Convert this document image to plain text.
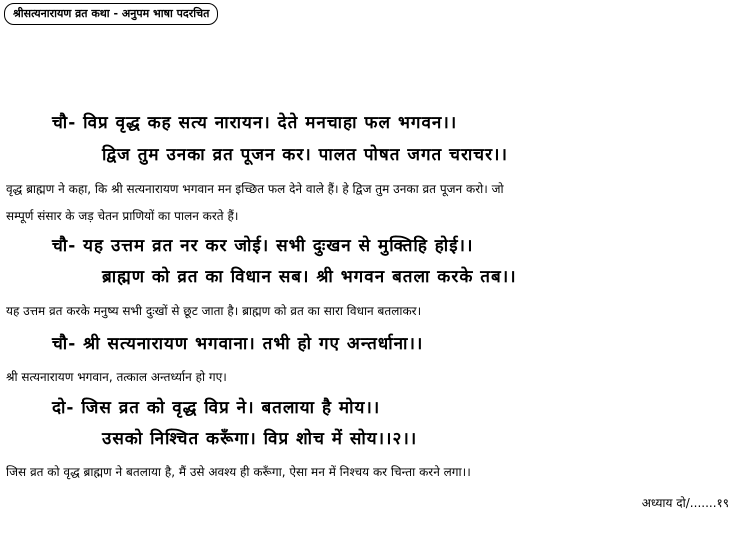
श्रीसत्यनारायण व्रत कथा - अनुपम भाषा पदरचित
चौ- विप्र वृद्ध कह सत्य नारायन। देते मनचाहा फल भगवन।।
द्विज तुम उनका व्रत पूजन कर। पालत पोषत जगत चराचर।।
वृद्ध ब्राह्मण ने कहा, कि श्री सत्यनारायण भगवान मन इच्छित फल देने वाले हैं। हे द्विज तुम उनका व्रत पूजन करो। जो
सम्पूर्ण संसार के जड़ चेतन प्राणियों का पालन करते हैं।
चौ- यह उत्तम व्रत नर कर जोई। सभी दुःखन से मुक्तिहि होई।।
ब्राह्मण को व्रत का विधान सब। श्री भगवन बतला करके तब।।
यह उत्तम व्रत करके मनुष्य सभी दुःखों से छूट जाता है। ब्राह्मण को व्रत का सारा विधान बतलाकर।
चौ- श्री सत्यनारायण भगवाना। तभी हो गए अन्तर्धाना।।
श्री सत्यनारायण भगवान, तत्काल अन्तर्ध्यान हो गए।
दो- जिस व्रत को वृद्ध विप्र ने। बतलाया है मोय।।
उसको निश्चित करूँगा। विप्र शोच में सोय।।२।।
जिस व्रत को वृद्ध ब्राह्मण ने बतलाया है, मैं उसे अवश्य ही करूँगा, ऐसा मन में निश्चय कर चिन्ता करने लगा।।
अध्याय दो/.......१९
